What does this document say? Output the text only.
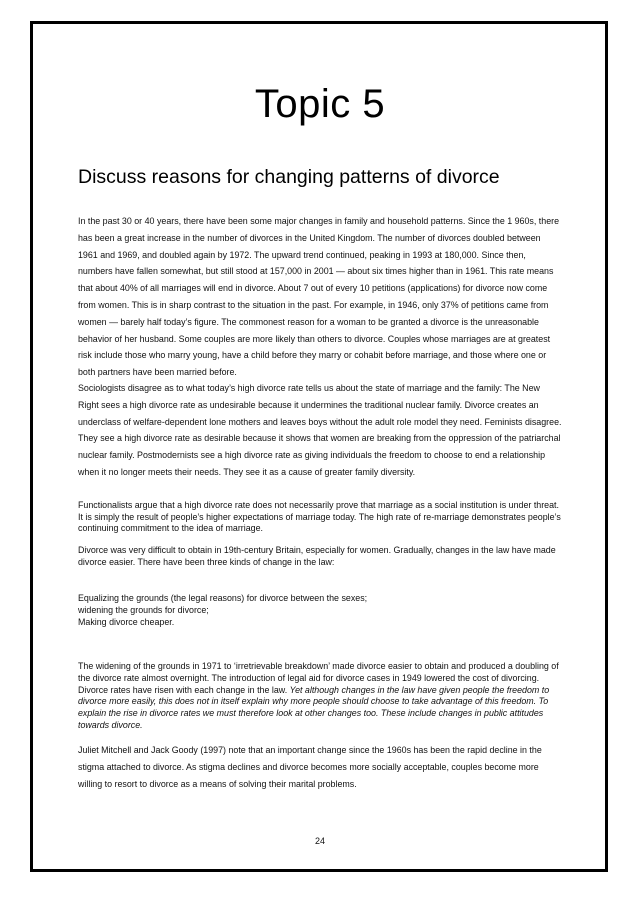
Topic 5
Discuss reasons for changing patterns of divorce

In the past 30 or 40 years, there have been some major changes in family and household patterns. Since the 1 960s, there has been a great increase in the number of divorces in the United Kingdom. The number of divorces doubled between 1961 and 1969, and doubled again by 1972. The upward trend continued, peaking in 1993 at 180,000. Since then, numbers have fallen somewhat, but still stood at 157,000 in 2001 — about six times higher than in 1961. This rate means that about 40% of all marriages will end in divorce. About 7 out of every 10 petitions (applications) for divorce now come from women. This is in sharp contrast to the situation in the past. For example, in 1946, only 37% of petitions came from women — barely half today’s figure. The commonest reason for a woman to be granted a divorce is the unreasonable behavior of her husband. Some couples are more likely than others to divorce. Couples whose marriages are at greatest risk include those who marry young, have a child before they marry or cohabit before marriage, and those where one or both partners have been married before.

Sociologists disagree as to what today’s high divorce rate tells us about the state of marriage and the family: The New Right sees a high divorce rate as undesirable because it undermines the traditional nuclear family. Divorce creates an underclass of welfare-dependent lone mothers and leaves boys without the adult role model they need. Feminists disagree. They see a high divorce rate as desirable because it shows that women are breaking from the oppression of the patriarchal nuclear family. Postmodernists see a high divorce rate as giving individuals the freedom to choose to end a relationship when it no longer meets their needs. They see it as a cause of greater family diversity.

Functionalists argue that a high divorce rate does not necessarily prove that marriage as a social institution is under threat. It is simply the result of people’s higher expectations of marriage today. The high rate of re-marriage demonstrates people’s continuing commitment to the idea of marriage.

Divorce was very difficult to obtain in 19th-century Britain, especially for women. Gradually, changes in the law have made divorce easier. There have been three kinds of change in the law:

Equalizing the grounds (the legal reasons) for divorce between the sexes;
widening the grounds for divorce;
Making divorce cheaper.

The widening of the grounds in 1971 to ‘irretrievable breakdown’ made divorce easier to obtain and produced a doubling of the divorce rate almost overnight. The introduction of legal aid for divorce cases in 1949 lowered the cost of divorcing. Divorce rates have risen with each change in the law. Yet although changes in the law have given people the freedom to divorce more easily, this does not in itself explain why more people should choose to take advantage of this freedom. To explain the rise in divorce rates we must therefore look at other changes too. These include changes in public attitudes towards divorce.

Juliet Mitchell and Jack Goody (1997) note that an important change since the 1960s has been the rapid decline in the stigma attached to divorce. As stigma declines and divorce becomes more socially acceptable, couples become more willing to resort to divorce as a means of solving their marital problems.

24
